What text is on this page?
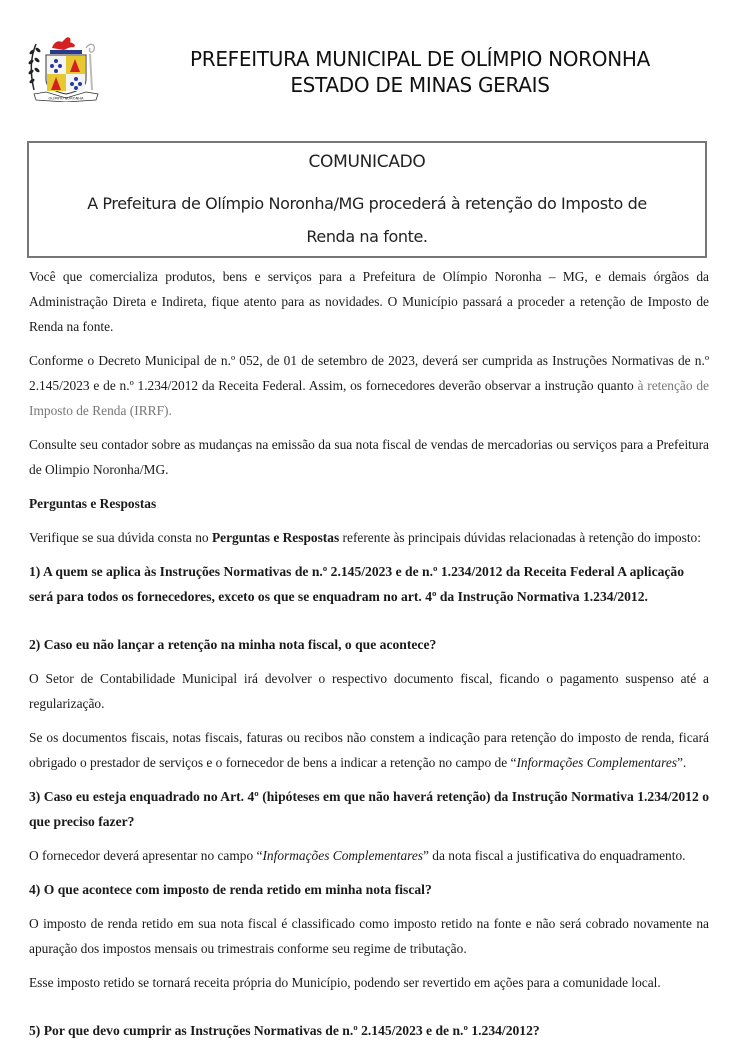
OLÍMPIO NORONHA
PREFEITURA MUNICIPAL DE OLÍMPIO NORONHA
ESTADO DE MINAS GERAIS
COMUNICADO
A Prefeitura de Olímpio Noronha/MG procederá à retenção do Imposto de Renda na fonte.

Você que comercializa produtos, bens e serviços para a Prefeitura de Olímpio Noronha – MG, e demais órgãos da Administração Direta e Indireta, fique atento para as novidades. O Município passará a proceder a retenção de Imposto de Renda na fonte.

Conforme o Decreto Municipal de n.º 052, de 01 de setembro de 2023, deverá ser cumprida as Instruções Normativas de n.º 2.145/2023 e de n.º 1.234/2012 da Receita Federal. Assim, os fornecedores deverão observar a instrução quanto à retenção de Imposto de Renda (IRRF).

Consulte seu contador sobre as mudanças na emissão da sua nota fiscal de vendas de mercadorias ou serviços para a Prefeitura de Olimpio Noronha/MG.

Perguntas e Respostas

Verifique se sua dúvida consta no Perguntas e Respostas referente às principais dúvidas relacionadas à retenção do imposto:

1) A quem se aplica às Instruções Normativas de n.º 2.145/2023 e de n.º 1.234/2012 da Receita Federal A aplicação será para todos os fornecedores, exceto os que se enquadram no art. 4º da Instrução Normativa 1.234/2012.

2) Caso eu não lançar a retenção na minha nota fiscal, o que acontece?

O Setor de Contabilidade Municipal irá devolver o respectivo documento fiscal, ficando o pagamento suspenso até a regularização.

Se os documentos fiscais, notas fiscais, faturas ou recibos não constem a indicação para retenção do imposto de renda, ficará obrigado o prestador de serviços e o fornecedor de bens a indicar a retenção no campo de “Informações Complementares”.

3) Caso eu esteja enquadrado no Art. 4º (hipóteses em que não haverá retenção) da Instrução Normativa 1.234/2012 o que preciso fazer?

O fornecedor deverá apresentar no campo “Informações Complementares” da nota fiscal a justificativa do enquadramento.

4) O que acontece com imposto de renda retido em minha nota fiscal?

O imposto de renda retido em sua nota fiscal é classificado como imposto retido na fonte e não será cobrado novamente na apuração dos impostos mensais ou trimestrais conforme seu regime de tributação.

Esse imposto retido se tornará receita própria do Município, podendo ser revertido em ações para a comunidade local.

5) Por que devo cumprir as Instruções Normativas de n.º 2.145/2023 e de n.º 1.234/2012?
